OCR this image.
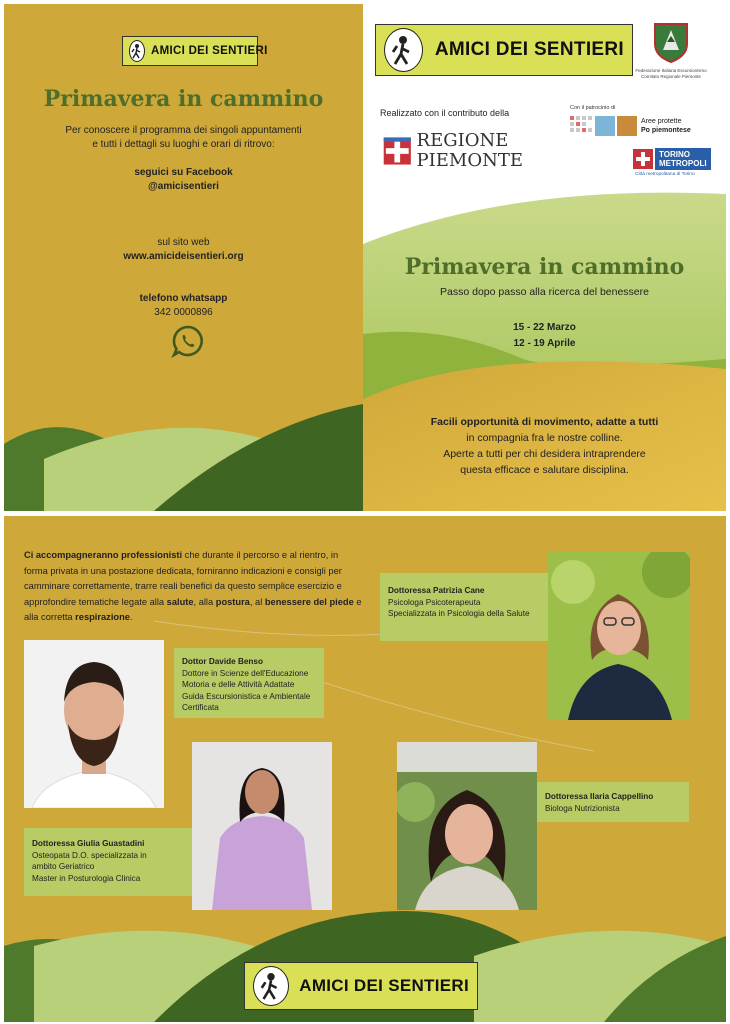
AMICI DEI SENTIERI
Primavera in cammino
Per conoscere il programma dei singoli appuntamenti
e tutti i dettagli su luoghi e orari di ritrovo:
seguici su Facebook
@amicisentieri
sul sito web
www.amicideisentieri.org
telefono whatsapp
342 0000896
AMICI DEI SENTIERI
Federazione Italiana Escursionismo Comitato Regionale Piemonte
Realizzato con il contributo della
REGIONE
PIEMONTE
Con il patrocinio di
Aree protette
Po piemontese
TORINO
METROPOLI
Città metropolitana di Torino
Primavera in cammino
Passo dopo passo alla ricerca del benessere
15 - 22 Marzo
12 - 19 Aprile
Facili opportunità di movimento, adatte a tutti
in compagnia fra le nostre colline.
Aperte a tutti per chi desidera intraprendere
questa efficace e salutare disciplina.
Ci accompagneranno professionisti che durante il percorso e al rientro, in forma privata in una postazione dedicata, forniranno indicazioni e consigli per camminare correttamente, trarre reali benefici da questo semplice esercizio e approfondire tematiche legate alla salute, alla postura, al benessere del piede e alla corretta respirazione.
Dottoressa Patrizia Cane
Psicologa Psicoterapeuta
Specializzata in Psicologia della Salute
Dottor Davide Benso
Dottore in Scienze dell'Educazione
Motoria e delle Attività Adattate
Guida Escursionistica e Ambientale
Certificata
Dottoressa Giulia Guastadini
Osteopata D.O. specializzata in
ambito Geriatrico
Master in Posturologia Clinica
Dottoressa Ilaria Cappellino
Biologa Nutrizionista
AMICI DEI SENTIERI
